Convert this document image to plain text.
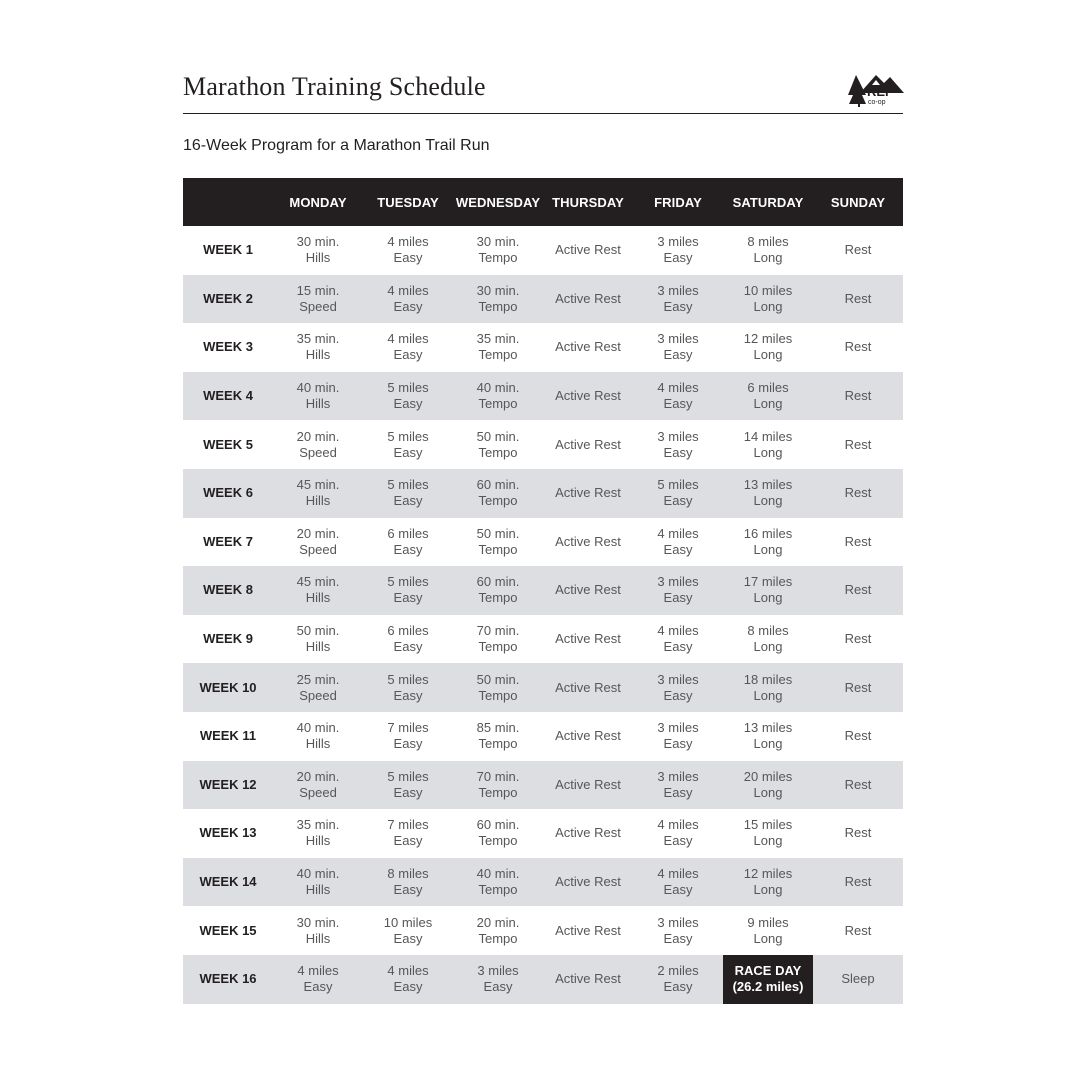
Marathon Training Schedule	REI
co-op
16-Week Program for a Marathon Trail Run
	MONDAY	TUESDAY	WEDNESDAY	THURSDAY	FRIDAY	SATURDAY	SUNDAY
WEEK 1	30 min.
Hills	4 miles
Easy	30 min.
Tempo	Active Rest	3 miles
Easy	8 miles
Long	Rest

WEEK 2	15 min.
Speed	4 miles
Easy	30 min.
Tempo	Active Rest	3 miles
Easy	10 miles
Long	Rest

WEEK 3	35 min.
Hills	4 miles
Easy	35 min.
Tempo	Active Rest	3 miles
Easy	12 miles
Long	Rest

WEEK 4	40 min.
Hills	5 miles
Easy	40 min.
Tempo	Active Rest	4 miles
Easy	6 miles
Long	Rest

WEEK 5	20 min.
Speed	5 miles
Easy	50 min.
Tempo	Active Rest	3 miles
Easy	14 miles
Long	Rest

WEEK 6	45 min.
Hills	5 miles
Easy	60 min.
Tempo	Active Rest	5 miles
Easy	13 miles
Long	Rest

WEEK 7	20 min.
Speed	6 miles
Easy	50 min.
Tempo	Active Rest	4 miles
Easy	16 miles
Long	Rest

WEEK 8	45 min.
Hills	5 miles
Easy	60 min.
Tempo	Active Rest	3 miles
Easy	17 miles
Long	Rest

WEEK 9	50 min.
Hills	6 miles
Easy	70 min.
Tempo	Active Rest	4 miles
Easy	8 miles
Long	Rest

WEEK 10	25 min.
Speed	5 miles
Easy	50 min.
Tempo	Active Rest	3 miles
Easy	18 miles
Long	Rest

WEEK 11	40 min.
Hills	7 miles
Easy	85 min.
Tempo	Active Rest	3 miles
Easy	13 miles
Long	Rest

WEEK 12	20 min.
Speed	5 miles
Easy	70 min.
Tempo	Active Rest	3 miles
Easy	20 miles
Long	Rest

WEEK 13	35 min.
Hills	7 miles
Easy	60 min.
Tempo	Active Rest	4 miles
Easy	15 miles
Long	Rest

WEEK 14	40 min.
Hills	8 miles
Easy	40 min.
Tempo	Active Rest	4 miles
Easy	12 miles
Long	Rest

WEEK 15	30 min.
Hills	10 miles
Easy	20 min.
Tempo	Active Rest	3 miles
Easy	9 miles
Long	Rest

WEEK 16	4 miles
Easy	4 miles
Easy	3 miles
Easy	Active Rest	2 miles
Easy	RACE DAY
(26.2 miles)	Sleep
